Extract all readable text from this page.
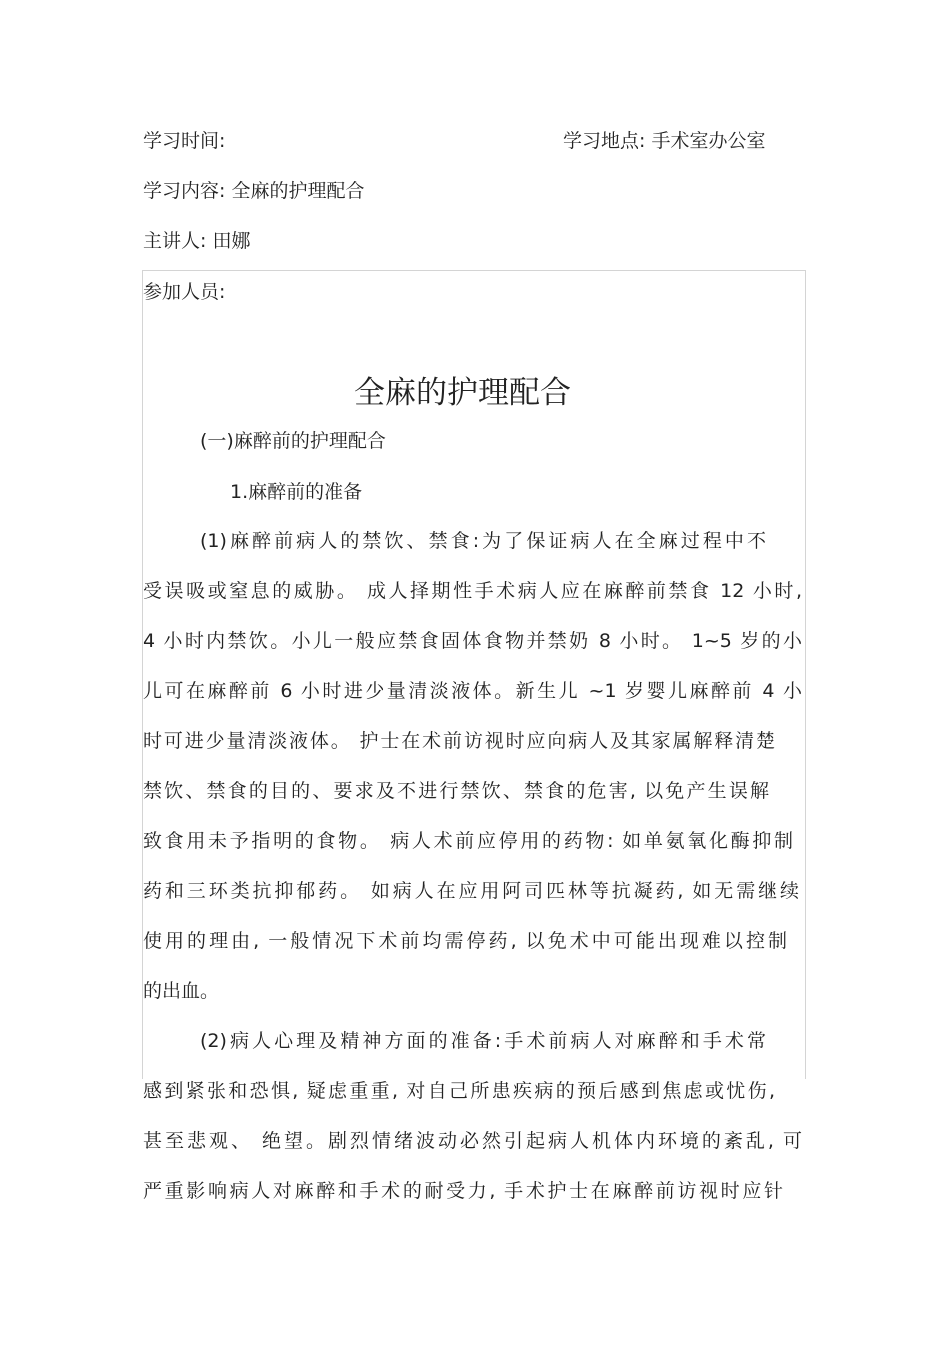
学习时间:	学习地点: 手术室办公室
学习内容: 全麻的护理配合
主讲人: 田娜
参加人员:
全麻的护理配合
(一)麻醉前的护理配合
1.麻醉前的准备
(1)麻醉前病人的禁饮、禁食:为了保证病人在全麻过程中不
受误吸或窒息的威胁。 成人择期性手术病人应在麻醉前禁食 12 小时,
4 小时内禁饮。小儿一般应禁食固体食物并禁奶 8 小时。 1~5 岁的小
儿可在麻醉前 6 小时进少量清淡液体。新生儿 ~1 岁婴儿麻醉前 4 小
时可进少量清淡液体。 护士在术前访视时应向病人及其家属解释清楚
禁饮、禁食的目的、要求及不进行禁饮、禁食的危害, 以免产生误解
致食用未予指明的食物。 病人术前应停用的药物: 如单氨氧化酶抑制
药和三环类抗抑郁药。 如病人在应用阿司匹林等抗凝药, 如无需继续
使用的理由, 一般情况下术前均需停药, 以免术中可能出现难以控制
的出血。
(2)病人心理及精神方面的准备:手术前病人对麻醉和手术常
感到紧张和恐惧, 疑虑重重, 对自己所患疾病的预后感到焦虑或忧伤,
甚至悲观、 绝望。剧烈情绪波动必然引起病人机体内环境的紊乱, 可
严重影响病人对麻醉和手术的耐受力, 手术护士在麻醉前访视时应针
